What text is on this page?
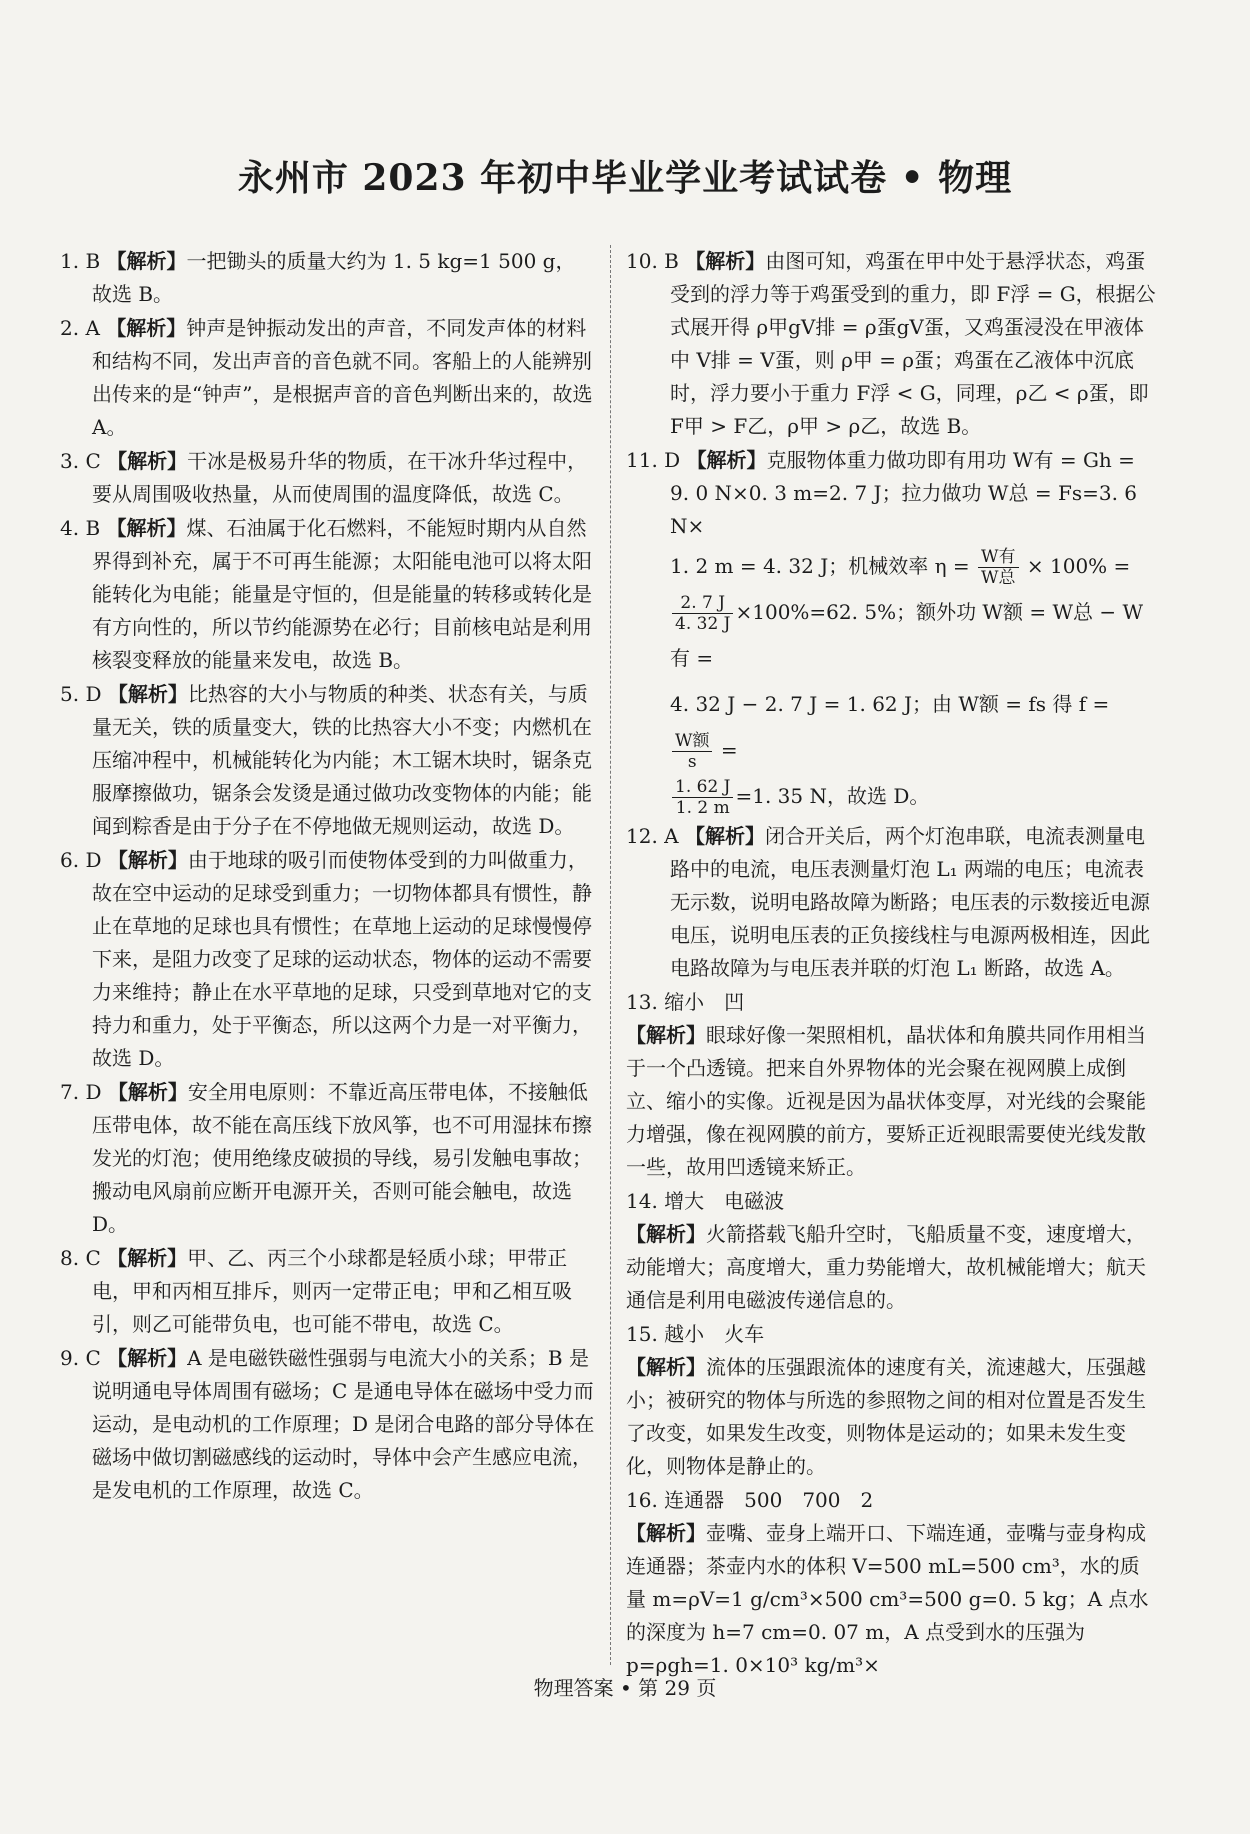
永州市 2023 年初中毕业学业考试试卷 • 物理
1. B 【解析】一把锄头的质量大约为 1. 5 kg=1 500 g，故选 B。
2. A 【解析】钟声是钟振动发出的声音，不同发声体的材料和结构不同，发出声音的音色就不同。客船上的人能辨别出传来的是“钟声”，是根据声音的音色判断出来的，故选 A。
3. C 【解析】干冰是极易升华的物质，在干冰升华过程中，要从周围吸收热量，从而使周围的温度降低，故选 C。
4. B 【解析】煤、石油属于化石燃料，不能短时期内从自然界得到补充，属于不可再生能源；太阳能电池可以将太阳能转化为电能；能量是守恒的，但是能量的转移或转化是有方向性的，所以节约能源势在必行；目前核电站是利用核裂变释放的能量来发电，故选 B。
5. D 【解析】比热容的大小与物质的种类、状态有关，与质量无关，铁的质量变大，铁的比热容大小不变；内燃机在压缩冲程中，机械能转化为内能；木工锯木块时，锯条克服摩擦做功，锯条会发烫是通过做功改变物体的内能；能闻到粽香是由于分子在不停地做无规则运动，故选 D。
6. D 【解析】由于地球的吸引而使物体受到的力叫做重力，故在空中运动的足球受到重力；一切物体都具有惯性，静止在草地的足球也具有惯性；在草地上运动的足球慢慢停下来，是阻力改变了足球的运动状态，物体的运动不需要力来维持；静止在水平草地的足球，只受到草地对它的支持力和重力，处于平衡态，所以这两个力是一对平衡力，故选 D。
7. D 【解析】安全用电原则：不靠近高压带电体，不接触低压带电体，故不能在高压线下放风筝，也不可用湿抹布擦发光的灯泡；使用绝缘皮破损的导线，易引发触电事故；搬动电风扇前应断开电源开关，否则可能会触电，故选 D。
8. C 【解析】甲、乙、丙三个小球都是轻质小球；甲带正电，甲和丙相互排斥，则丙一定带正电；甲和乙相互吸引，则乙可能带负电，也可能不带电，故选 C。
9. C 【解析】A 是电磁铁磁性强弱与电流大小的关系；B 是说明通电导体周围有磁场；C 是通电导体在磁场中受力而运动，是电动机的工作原理；D 是闭合电路的部分导体在磁场中做切割磁感线的运动时，导体中会产生感应电流，是发电机的工作原理，故选 C。
10. B 【解析】由图可知，鸡蛋在甲中处于悬浮状态，鸡蛋受到的浮力等于鸡蛋受到的重力，即 F浮 = G，根据公式展开得 ρ甲gV排 = ρ蛋gV蛋，又鸡蛋浸没在甲液体中 V排 = V蛋，则 ρ甲 = ρ蛋；鸡蛋在乙液体中沉底时，浮力要小于重力 F浮 < G，同理，ρ乙 < ρ蛋，即 F甲 > F乙，ρ甲 > ρ乙，故选 B。
11. D 【解析】克服物体重力做功即有用功 W有 = Gh =
9. 0 N×0. 3 m=2. 7 J；拉力做功 W总 = Fs=3. 6 N×
1. 2 m = 4. 32 J；机械效率 $\eta = \frac{\text{W有}}{\text{W总}} \times 100\%$ =
$\frac{2. 7 J}{4. 32 J} \times 100\%=62$. 5%；额外功 W额 = W总 − W有 =
4. 32 J − 2. 7 J = 1. 62 J；由 W额 = fs 得 f =
$\frac{\text{W额}}{s}$ =
$\frac{1. 62 J}{1. 2 m} =1$. 35 N，故选 D。
12. A 【解析】闭合开关后，两个灯泡串联，电流表测量电路中的电流，电压表测量灯泡 L₁ 两端的电压；电流表无示数，说明电路故障为断路；电压表的示数接近电源电压，说明电压表的正负接线柱与电源两极相连，因此电路故障为与电压表并联的灯泡 L₁ 断路，故选 A。
13. 缩小　凹
【解析】眼球好像一架照相机，晶状体和角膜共同作用相当于一个凸透镜。把来自外界物体的光会聚在视网膜上成倒立、缩小的实像。近视是因为晶状体变厚，对光线的会聚能力增强，像在视网膜的前方，要矫正近视眼需要使光线发散一些，故用凹透镜来矫正。
14. 增大　电磁波
【解析】火箭搭载飞船升空时，飞船质量不变，速度增大，动能增大；高度增大，重力势能增大，故机械能增大；航天通信是利用电磁波传递信息的。
15. 越小　火车
【解析】流体的压强跟流体的速度有关，流速越大，压强越小；被研究的物体与所选的参照物之间的相对位置是否发生了改变，如果发生改变，则物体是运动的；如果未发生变化，则物体是静止的。
16. 连通器　500　700　2
【解析】壶嘴、壶身上端开口、下端连通，壶嘴与壶身构成连通器；茶壶内水的体积 V=500 mL=500 cm³，水的质量 m=ρV=1 g/cm³×500 cm³=500 g=0. 5 kg；A 点水的深度为 h=7 cm=0. 07 m，A 点受到水的压强为 p=ρgh=1. 0×10³ kg/m³×
物理答案 • 第 29 页
